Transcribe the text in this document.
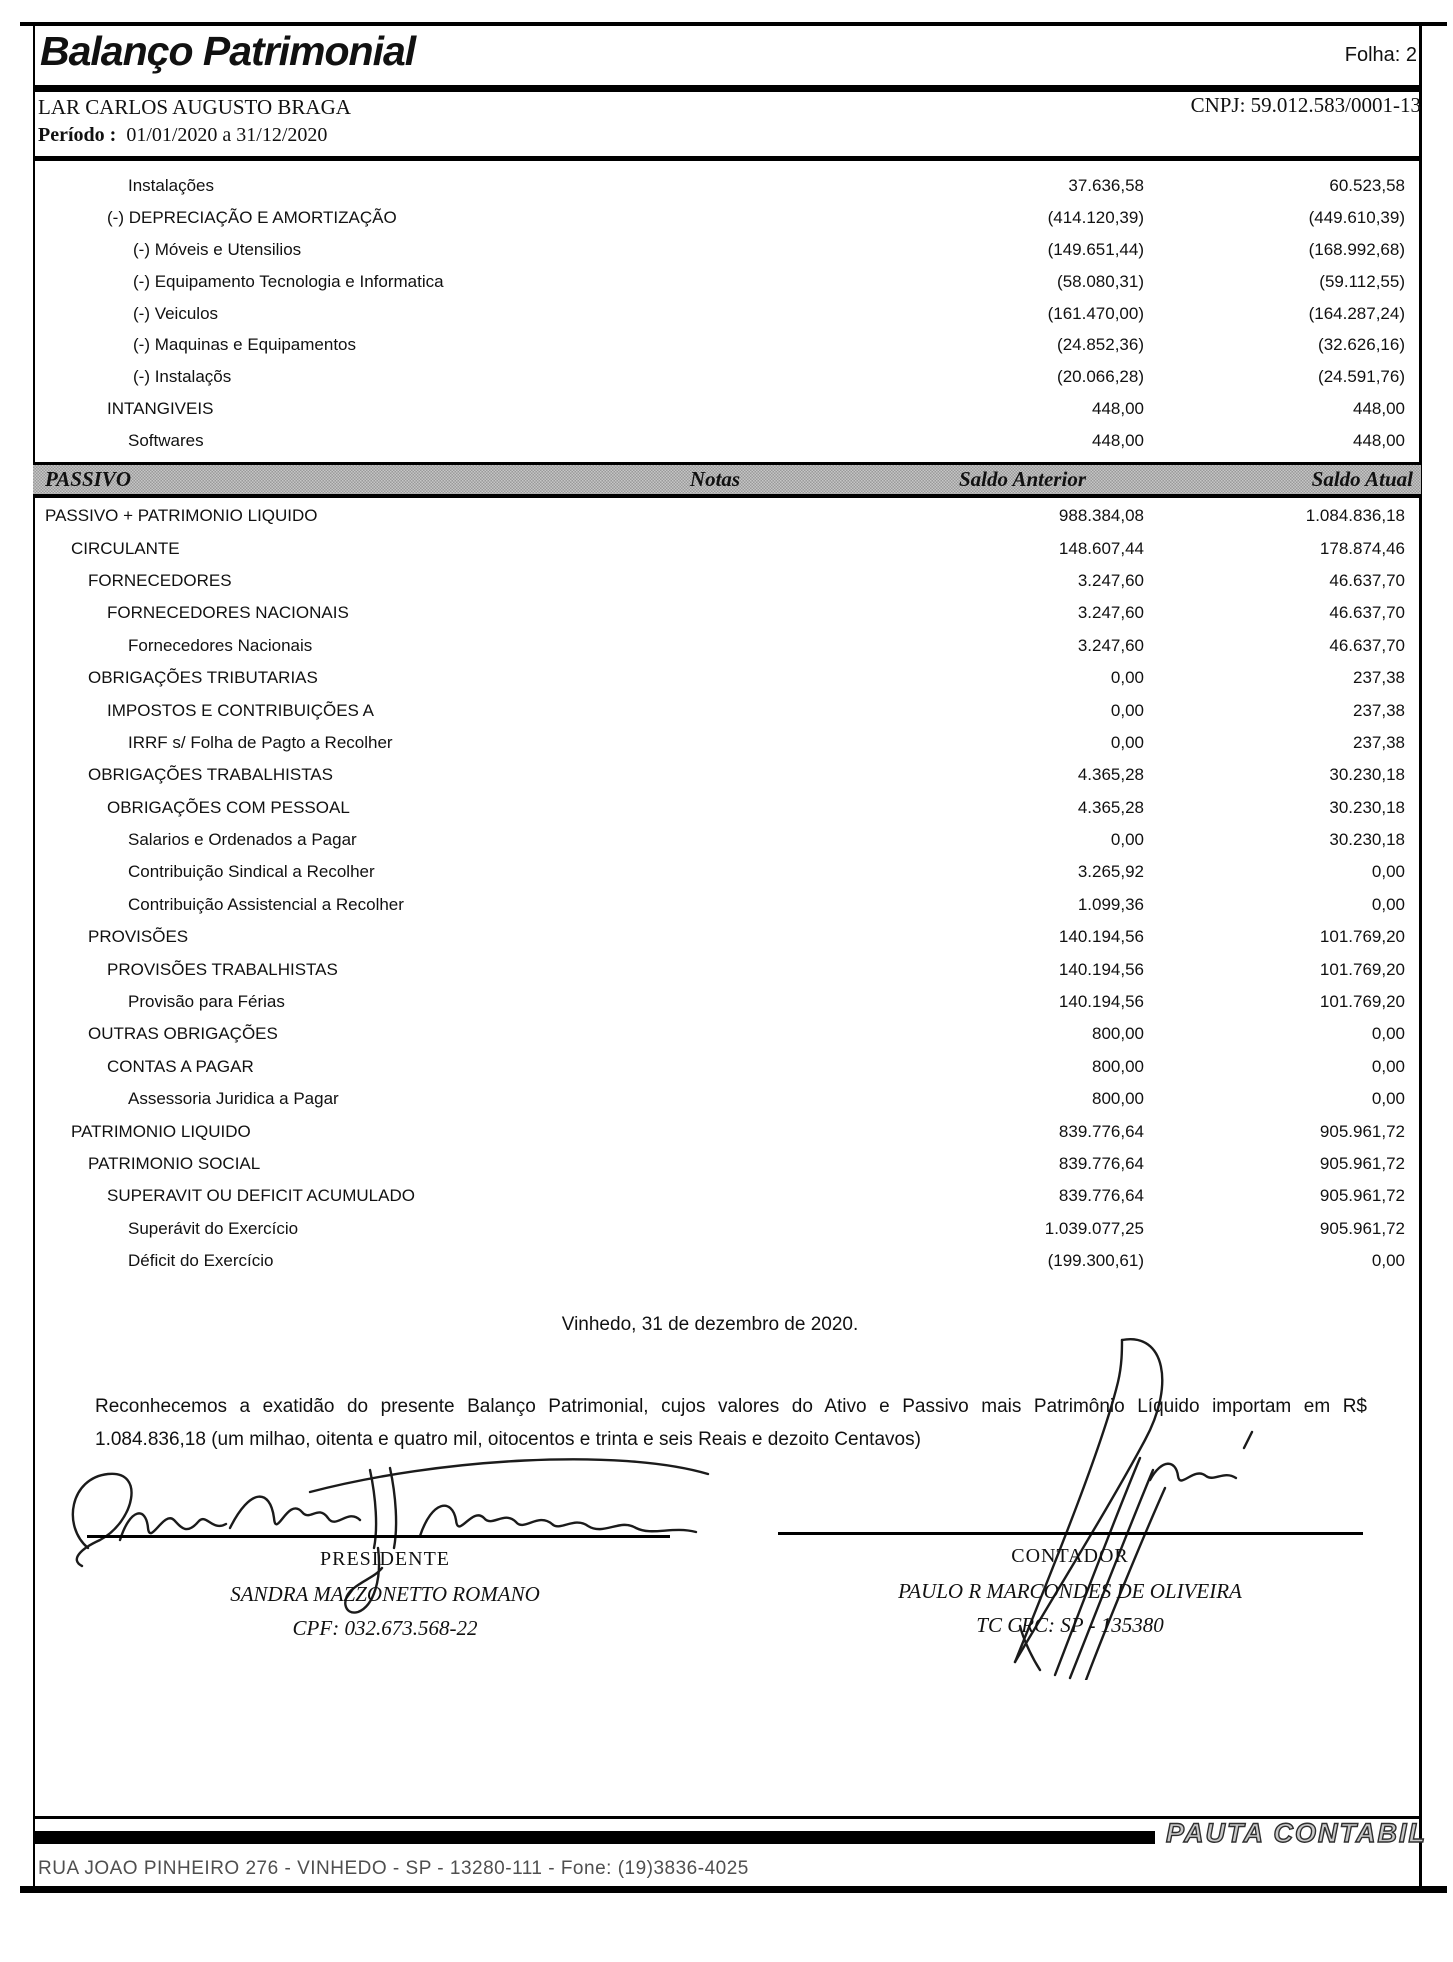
Balanço Patrimonial	Folha: 2
LAR CARLOS AUGUSTO BRAGA	CNPJ: 59.012.583/0001-13
Período : 01/01/2020 a 31/12/2020
Instalações	37.636,58	60.523,58
(-) DEPRECIAÇÃO E AMORTIZAÇÃO	(414.120,39)	(449.610,39)
(-) Móveis e Utensilios	(149.651,44)	(168.992,68)
(-) Equipamento Tecnologia e Informatica	(58.080,31)	(59.112,55)
(-) Veiculos	(161.470,00)	(164.287,24)
(-) Maquinas e Equipamentos	(24.852,36)	(32.626,16)
(-) Instalaçõs	(20.066,28)	(24.591,76)
INTANGIVEIS	448,00	448,00
Softwares	448,00	448,00
PASSIVO	Notas	Saldo Anterior	Saldo Atual
PASSIVO + PATRIMONIO LIQUIDO	988.384,08	1.084.836,18
CIRCULANTE	148.607,44	178.874,46
FORNECEDORES	3.247,60	46.637,70
FORNECEDORES NACIONAIS	3.247,60	46.637,70
Fornecedores Nacionais	3.247,60	46.637,70
OBRIGAÇÕES TRIBUTARIAS	0,00	237,38
IMPOSTOS E CONTRIBUIÇÕES A	0,00	237,38
IRRF s/ Folha de Pagto a Recolher	0,00	237,38
OBRIGAÇÕES TRABALHISTAS	4.365,28	30.230,18
OBRIGAÇÕES COM PESSOAL	4.365,28	30.230,18
Salarios e Ordenados a Pagar	0,00	30.230,18
Contribuição Sindical a Recolher	3.265,92	0,00
Contribuição Assistencial a Recolher	1.099,36	0,00
PROVISÕES	140.194,56	101.769,20
PROVISÕES TRABALHISTAS	140.194,56	101.769,20
Provisão para Férias	140.194,56	101.769,20
OUTRAS OBRIGAÇÕES	800,00	0,00
CONTAS A PAGAR	800,00	0,00
Assessoria Juridica a Pagar	800,00	0,00
PATRIMONIO LIQUIDO	839.776,64	905.961,72
PATRIMONIO SOCIAL	839.776,64	905.961,72
SUPERAVIT OU DEFICIT ACUMULADO	839.776,64	905.961,72
Superávit do Exercício	1.039.077,25	905.961,72
Déficit do Exercício	(199.300,61)	0,00
Vinhedo, 31 de dezembro de 2020.
Reconhecemos a exatidão do presente Balanço Patrimonial, cujos valores do Ativo e Passivo mais Patrimônio Líquido importam em R$
1.084.836,18 (um milhao, oitenta e quatro mil, oitocentos e trinta e seis Reais e dezoito Centavos)
PRESIDENTE
SANDRA MAZZONETTO ROMANO
CPF: 032.673.568-22
CONTADOR
PAULO R MARCONDES DE OLIVEIRA
TC CRC: SP - 135380
PAUTA CONTABIL
RUA JOAO PINHEIRO 276 - VINHEDO - SP - 13280-111 - Fone: (19)3836-4025
